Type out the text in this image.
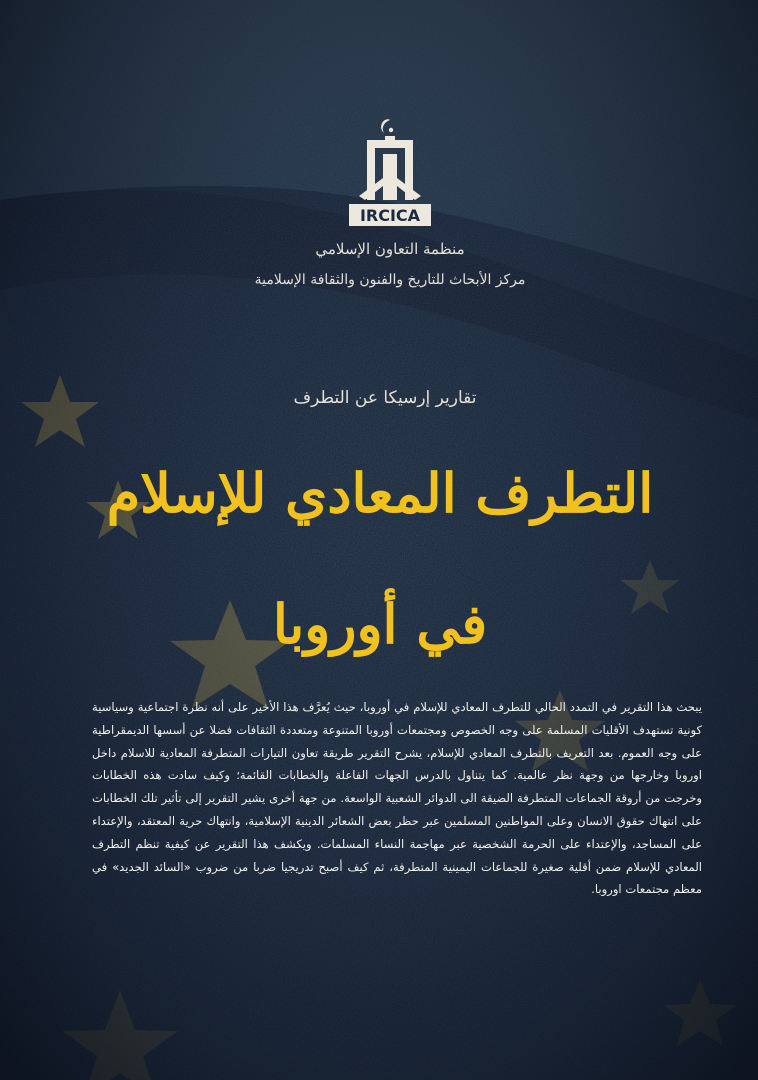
IRCICA
منظمة التعاون الإسلامي
مركز الأبحاث للتاريخ والفنون والثقافة الإسلامية
تقارير إرسيكا عن التطرف
التطرف المعادي للإسلام
في أوروبا
يبحث هذا التقرير في التمدد الحالي للتطرف المعادي للإسلام في أوروبا، حيث يُعرَّف هذا الأخير على أنه نظرة اجتماعية وسياسية كونية تستهدف الأقليات المسلمة على وجه الخصوص ومجتمعات أوروبا المتنوعة ومتعددة الثقافات فضلا عن أسسها الديمقراطية على وجه العموم. بعد التعريف بالتطرف المعادي للإسلام، يشرح التقرير طريقة تعاون التيارات المتطرفة المعادية للاسلام داخل اوروبا وخارجها من وجهة نظر عالمية. كما يتناول بالدرس الجهات الفاعلة والخطابات القائمة؛ وكيف سادت هذه الخطابات وخرجت من أروقة الجماعات المتطرفة الضيقة الى الدوائر الشعبية الواسعة. من جهة أخرى يشير التقرير إلى تأثير تلك الخطابات على انتهاك حقوق الانسان وعلى المواطنين المسلمين عبر حظر بعض الشعائر الدينية الإسلامية، وانتهاك حرية المعتقد، والإعتداء على المساجد، والإعتداء على الحرمة الشخصية عبر مهاجمة النساء المسلمات. ويكشف هذا التقرير عن كيفية تنظم التطرف المعادي للإسلام ضمن أقلية صغيرة للجماعات اليمينية المتطرفة، ثم كيف أصبح تدريجيا ضربا من ضروب «السائد الجديد» في معظم مجتمعات اوروبا.
